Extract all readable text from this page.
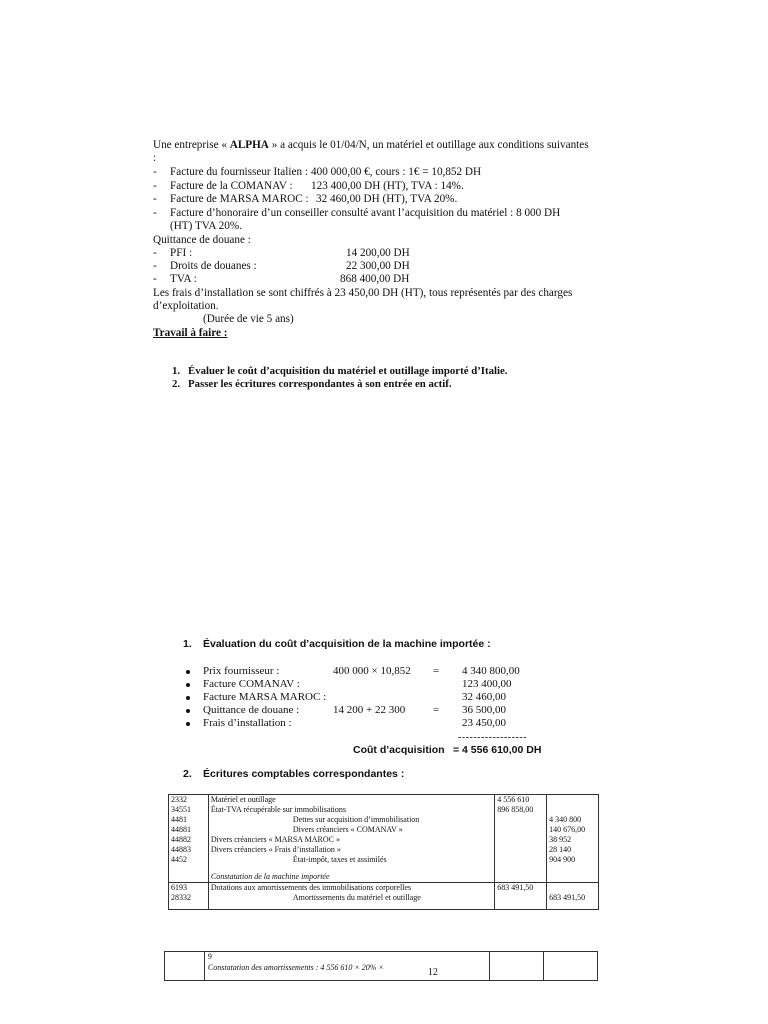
Une entreprise « ALPHA » a acquis le 01/04/N, un matériel et outillage aux conditions suivantes
:
- Facture du fournisseur Italien : 400 000,00 €, cours : 1€ = 10,852 DH
- Facture de la COMANAV : 123 400,00 DH (HT), TVA : 14%.
- Facture de MARSA MAROC : 32 460,00 DH (HT), TVA 20%.
- Facture d’honoraire d’un conseiller consulté avant l’acquisition du matériel : 8 000 DH
(HT) TVA 20%.
Quittance de douane :
- PFI :	14 200,00 DH
- Droits de douanes :	22 300,00 DH
- TVA :	868 400,00 DH
Les frais d’installation se sont chiffrés à 23 450,00 DH (HT), tous représentés par des charges
d’exploitation.
(Durée de vie 5 ans)
Travail à faire :
1. Évaluer le coût d’acquisition du matériel et outillage importé d’Italie.
2. Passer les écritures correspondantes à son entrée en actif.
1. Évaluation du coût d’acquisition de la machine importée :
Prix fournisseur :	400 000 × 10,852 = 4 340 800,00
Facture COMANAV :	123 400,00
Facture MARSA MAROC :	32 460,00
Quittance de douane :	14 200 + 22 300	= 36 500,00
Frais d’installation :	23 450,00
------------------
Coût d’acquisition = 4 556 610,00 DH
2. Écritures comptables correspondantes :
2332	Matériel et outillage	4 556 610	
34551	État-TVA récupérable sur immobilisations	896 858,00	
4481	Dettes sur acquisition d’immobilisation		4 340 800
44881	Divers créanciers « COMANAV »		140 676,00
44882	Divers créanciers « MARSA MAROC »		38 952
44883	Divers créanciers « Frais d’installation »		28 140
4452	État-impôt, taxes et assimilés		904 900
	Constatation de la machine importée		
6193	Dotations aux amortissements des immobilisations corporelles	683 491,50	
28332	Amortissements du matériel et outillage		683 491,50

9
Constatation des amortissements : 4 556 610 × 20% ×	12
